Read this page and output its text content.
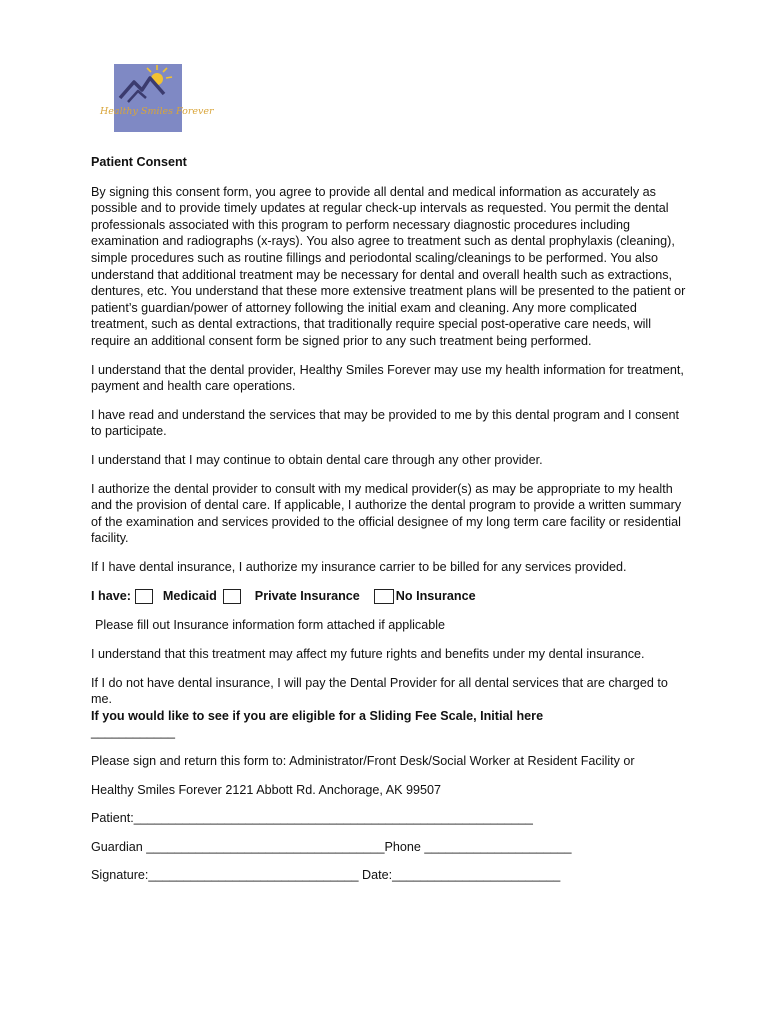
Healthy Smiles Forever

Patient Consent

By signing this consent form, you agree to provide all dental and medical information as accurately as possible and to provide timely updates at regular check-up intervals as requested. You permit the dental professionals associated with this program to perform necessary diagnostic procedures including examination and radiographs (x-rays). You also agree to treatment such as dental prophylaxis (cleaning), simple procedures such as routine fillings and periodontal scaling/cleanings to be performed. You also understand that additional treatment may be necessary for dental and overall health such as extractions, dentures, etc. You understand that these more extensive treatment plans will be presented to the patient or patient’s guardian/power of attorney following the initial exam and cleaning. Any more complicated treatment, such as dental extractions, that traditionally require special post-operative care needs, will require an additional consent form be signed prior to any such treatment being performed.

I understand that the dental provider, Healthy Smiles Forever may use my health information for treatment, payment and health care operations.

I have read and understand the services that may be provided to me by this dental program and I consent to participate.

I understand that I may continue to obtain dental care through any other provider.

I authorize the dental provider to consult with my medical provider(s) as may be appropriate to my health and the provision of dental care. If applicable, I authorize the dental program to provide a written summary of the examination and services provided to the official designee of my long term care facility or residential facility.

If I have dental insurance, I authorize my insurance carrier to be billed for any services provided.

I have:	Medicaid	Private Insurance	No Insurance

Please fill out Insurance information form attached if applicable

I understand that this treatment may affect my future rights and benefits under my dental insurance.

If I do not have dental insurance, I will pay the Dental Provider for all dental services that are charged to me.

If you would like to see if you are eligible for a Sliding Fee Scale, Initial here

____________

Please sign and return this form to: Administrator/Front Desk/Social Worker at Resident Facility or

Healthy Smiles Forever 2121 Abbott Rd. Anchorage, AK 99507

Patient:_________________________________________________________
Guardian __________________________________Phone _____________________
Signature:______________________________ Date:________________________
